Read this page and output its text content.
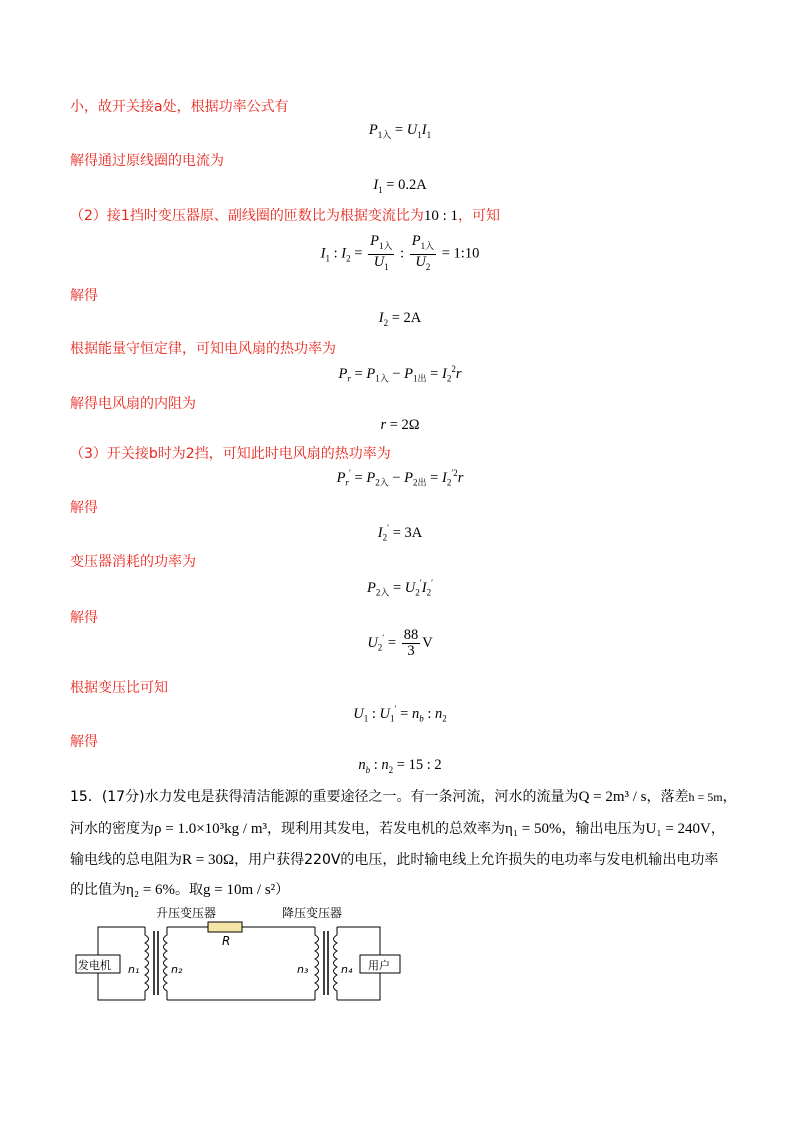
小，故开关接a处，根据功率公式有
$P_{1入} = U_1I_1$
解得通过原线圈的电流为
$I_1 = 0.2A$
（2）接1挡时变压器原、副线圈的匝数比为根据变流比为10 : 1，可知
$I_1$ : $I_2 = \frac{P_{1入}}{U_1}$ : $\frac{P_{1入}}{U_2}$ = 1:10
解得
$I_2 = 2A$
根据能量守恒定律，可知电风扇的热功率为
$P_r = P_{1入} - P_{1出} = I_2^2r$
解得电风扇的内阻为
r = 2Ω
（3）开关接b时为2挡，可知此时电风扇的热功率为
$P_r' = P_{2入} - P_{2出} = I_2^{'2}r$
解得
$I_2' = 3A$
变压器消耗的功率为
$P_{2入} = U_2'I_2'$
解得
$U_2' = \frac{88}{3}$ V
根据变压比可知
$U_1$ : $U_1' = n_b$ : $n_2$
解得
$n_b$ : $n_2 = 15$ : 2
15．(17分)水力发电是获得清洁能源的重要途径之一。有一条河流，河水的流量为Q = 2m³ / s，落差h = 5m，
河水的密度为ρ = 1.0×10³kg / m³，现利用其发电，若发电机的总效率为η₁ = 50%，输出电压为U₁ = 240V，
输电线的总电阻为R = 30Ω，用户获得220V的电压，此时输电线上允许损失的电功率与发电机输出电功率
的比值为η₂ = 6%。取g = 10m / s²）
升压变压器	降压变压器
发电机	用户
R
n₁	n₂	n₃	n₄
